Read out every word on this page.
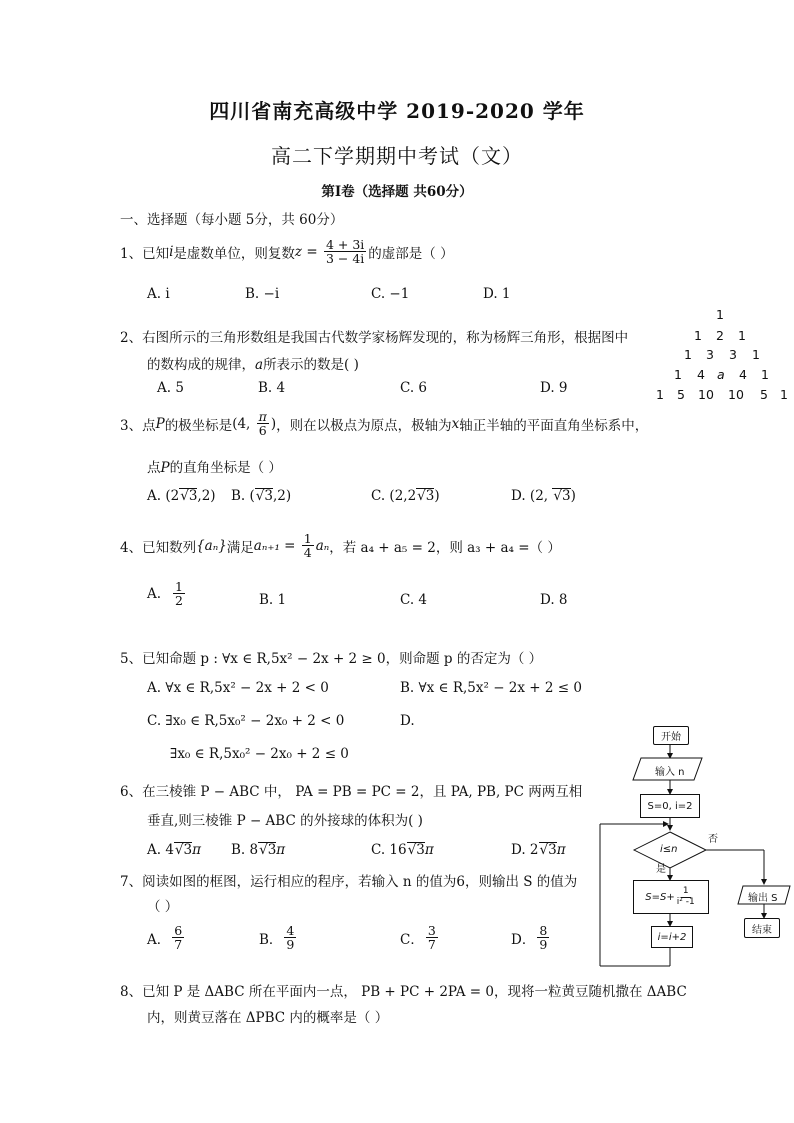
四川省南充高级中学 2019-2020 学年
高二下学期期中考试（文）
第Ⅰ卷（选择题 共60分）
一、选择题（每小题 5分，共 60分）
1、已知 i 是虚数单位，则复数 $z = \frac{4 + 3i}{3 - 4i}$ 的虚部是（ ）
A. i	B. −i	C. −1	D. 1
2、右图所示的三角形数组是我国古代数学家杨辉发现的，称为杨辉三角形，根据图中
的数构成的规律，a所表示的数是( )
A. 5	B. 4	C. 6	D. 9
1
1 2 1
1 3 3 1
1 4 a 4 1
1 5 10 10 5 1
3、点 P 的极坐标是 (4, $\frac{\pi}{6}$ ) ，则在以极点为原点，极轴为 x 轴正半轴的平面直角坐标系中，
点P的直角坐标是（ ）
A. (2√3,2) B. (√3,2)	C. (2,2√3)	D. (2, √3)
4、已知数列 {aₙ} 满足 $a_{n+1} = \frac{1}{4}$ aₙ ，若 a₄ + a₅ = 2，则 a₃ + a₄ =（ ）
A. $\frac{1}{2}$	B. 1	C. 4	D. 8
5、已知命题 p : ∀x ∈ R,5x² − 2x + 2 ≥ 0，则命题 p 的否定为（ ）
A. ∀x ∈ R,5x² − 2x + 2 < 0	B. ∀x ∈ R,5x² − 2x + 2 ≤ 0
C. ∃x₀ ∈ R,5x₀² − 2x₀ + 2 < 0	D.
∃x₀ ∈ R,5x₀² − 2x₀ + 2 ≤ 0
6、在三棱锥 P − ABC 中， PA = PB = PC = 2，且 PA, PB, PC 两两互相
垂直,则三棱锥 P − ABC 的外接球的体积为( )
A. 4√3π B. 8√3π	C. 16√3π	D. 2√3π
7、阅读如图的框图，运行相应的程序，若输入 n 的值为6，则输出 S 的值为
（ ）
A． $\frac{6}{7}$	B． $\frac{4}{9}$	C． $\frac{3}{7}$	D． $\frac{8}{9}$
8、已知 P 是 ΔABC 所在平面内一点， PB + PC + 2PA = 0，现将一粒黄豆随机撒在 ΔABC
内，则黄豆落在 ΔPBC 内的概率是（ ）
开始
输入 n
S=0, i=2
i≤n
否
是
$S=S+ \frac{1}{\text{i² -1}}$
i=i+2
输出 S
结束
